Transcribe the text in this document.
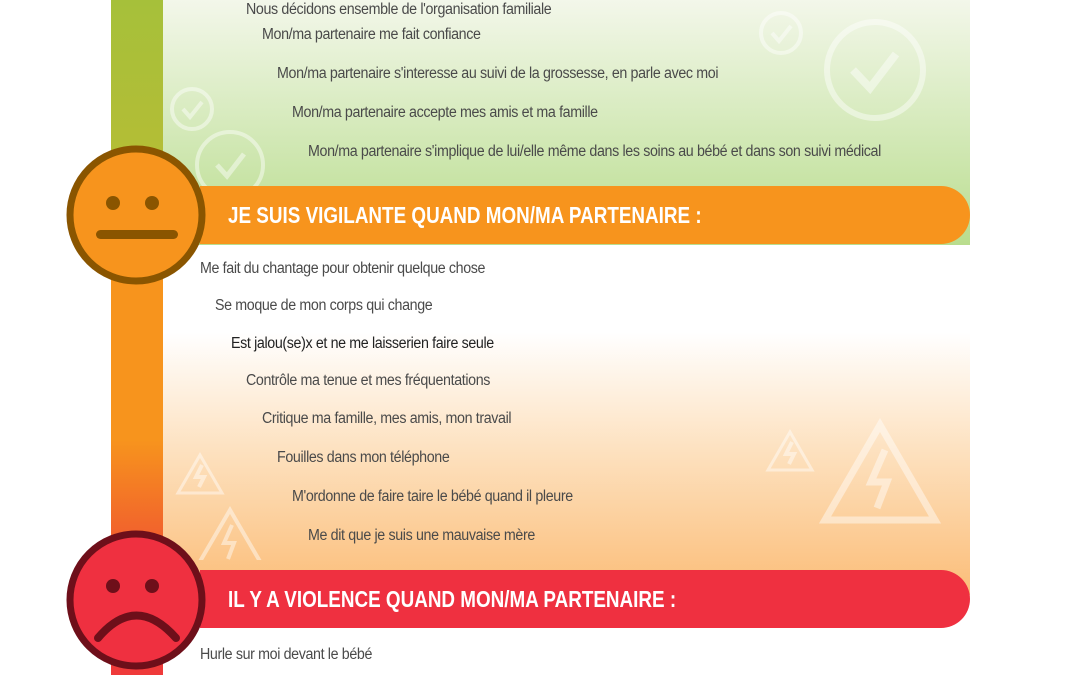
Nous décidons ensemble de l'organisation familiale
Mon/ma partenaire me fait confiance
Mon/ma partenaire s'interesse au suivi de la grossesse, en parle avec moi
Mon/ma partenaire accepte mes amis et ma famille
Mon/ma partenaire s'implique de lui/elle même dans les soins au bébé et dans son suivi médical
JE SUIS VIGILANTE QUAND MON/MA PARTENAIRE :
Me fait du chantage pour obtenir quelque chose
Se moque de mon corps qui change
Est jalou(se)x et ne me laisserien faire seule
Contrôle ma tenue et mes fréquentations
Critique ma famille, mes amis, mon travail
Fouilles dans mon téléphone
M'ordonne de faire taire le bébé quand il pleure
Me dit que je suis une mauvaise mère
IL Y A VIOLENCE QUAND MON/MA PARTENAIRE :
Hurle sur moi devant le bébé
